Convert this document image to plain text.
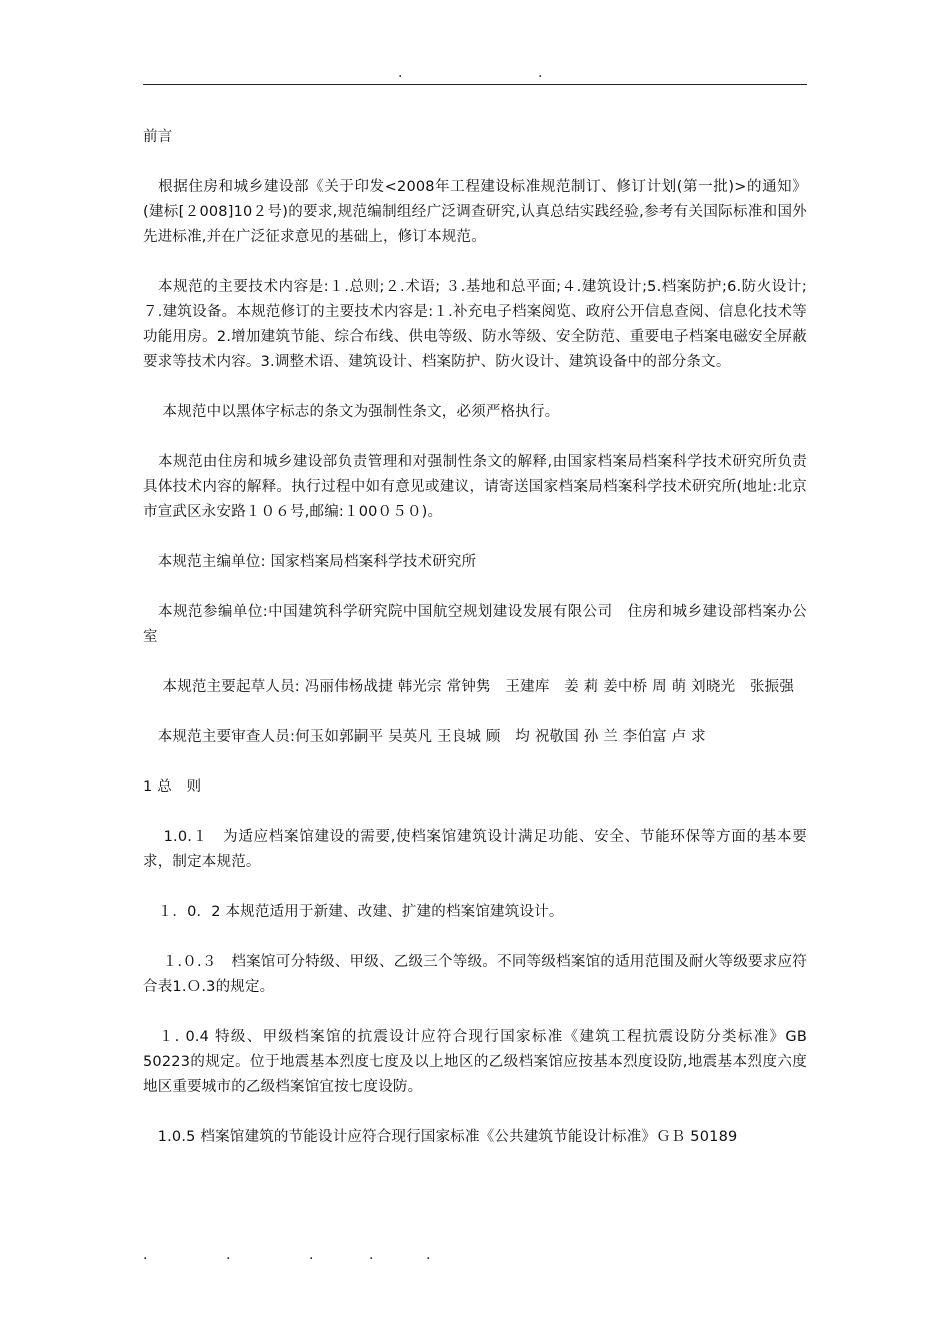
.	.

前言

　根据住房和城乡建设部《关于印发<2008年工程建设标准规范制订、修订计划(第一批)>的通知》(建标[２008]10２号)的要求,规范编制组经广泛调查研究,认真总结实践经验,参考有关国际标准和国外先进标准,并在广泛征求意见的基础上，修订本规范。

　本规范的主要技术内容是:１.总则;２.术语; ３.基地和总平面;４.建筑设计;5.档案防护;6.防火设计;７.建筑设备。本规范修订的主要技术内容是:１.补充电子档案阅览、政府公开信息查阅、信息化技术等功能用房。2.增加建筑节能、综合布线、供电等级、防水等级、安全防范、重要电子档案电磁安全屏蔽要求等技术内容。3.调整术语、建筑设计、档案防护、防火设计、建筑设备中的部分条文。

　 本规范中以黑体字标志的条文为强制性条文，必须严格执行。

　本规范由住房和城乡建设部负责管理和对强制性条文的解释,由国家档案局档案科学技术研究所负责具体技术内容的解释。执行过程中如有意见或建议，请寄送国家档案局档案科学技术研究所(地址:北京市宣武区永安路１０６号,邮编:１00０５０)。

　本规范主编单位: 国家档案局档案科学技术研究所

　本规范参编单位:中国建筑科学研究院中国航空规划建设发展有限公司　住房和城乡建设部档案办公室

　 本规范主要起草人员: 冯丽伟杨战捷 韩光宗 常钟隽　王建库　姜 莉 姜中桥 周 萌 刘晓光　张振强

　本规范主要审查人员:何玉如郭嗣平 吴英凡 王良城 顾　均 祝敬国 孙 兰 李伯富 卢 求

1 总　则

　 1.0.１　为适应档案馆建设的需要,使档案馆建筑设计满足功能、安全、节能环保等方面的基本要求，制定本规范。

　１．0．2 本规范适用于新建、改建、扩建的档案馆建筑设计。

　 １.０.３　档案馆可分特级、甲级、乙级三个等级。不同等级档案馆的适用范围及耐火等级要求应符合表1.Ｏ.3的规定。

　１. 0.4 特级、甲级档案馆的抗震设计应符合现行国家标准《建筑工程抗震设防分类标准》GB 50223的规定。位于地震基本烈度七度及以上地区的乙级档案馆应按基本烈度设防,地震基本烈度六度地区重要城市的乙级档案馆宜按七度设防。

　1.0.5 档案馆建筑的节能设计应符合现行国家标准《公共建筑节能设计标准》ＧＢ 50189

.	.	.	.	.
